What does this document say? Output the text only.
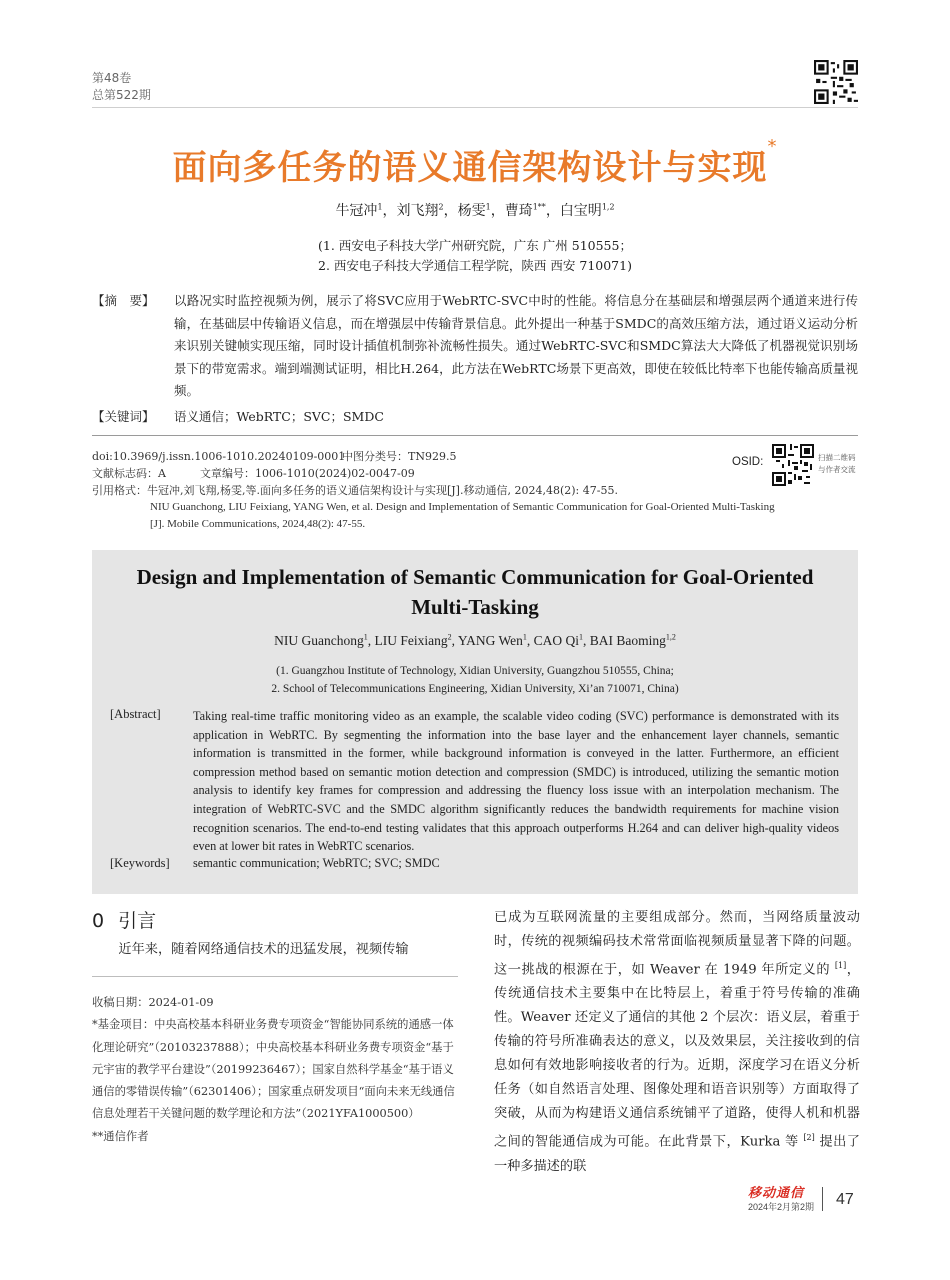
第48卷
总第522期
面向多任务的语义通信架构设计与实现*
牛冠冲$^1$，刘飞翔$^2$，杨雯$^1$，曹琦$^{1**}$，白宝明$^{1,2}$
(1. 西安电子科技大学广州研究院，广东 广州 510555；
2. 西安电子科技大学通信工程学院，陕西 西安 710071)
【摘　要】 以路况实时监控视频为例，展示了将SVC应用于WebRTC-SVC中时的性能。将信息分在基础层和增强层两个通道来进行传输，在基础层中传输语义信息，而在增强层中传输背景信息。此外提出一种基于SMDC的高效压缩方法，通过语义运动分析来识别关键帧实现压缩，同时设计插值机制弥补流畅性损失。通过WebRTC-SVC和SMDC算法大大降低了机器视觉识别场景下的带宽需求。端到端测试证明，相比H.264，此方法在WebRTC场景下更高效，即使在较低比特率下也能传输高质量视频。
【关键词】 语义通信；WebRTC；SVC；SMDC
doi:10.3969/j.issn.1006-1010.20240109-0001
中图分类号：TN929.5
文献标志码：A	文章编号：1006-1010(2024)02-0047-09
引用格式：牛冠冲,刘飞翔,杨雯,等.面向多任务的语义通信架构设计与实现[J].移动通信, 2024,48(2): 47-55.
NIU Guanchong, LIU Feixiang, YANG Wen, et al. Design and Implementation of Semantic Communication for Goal-Oriented Multi-Tasking
[J]. Mobile Communications, 2024,48(2): 47-55.
OSID:	扫描二维码
与作者交流
Design and Implementation of Semantic Communication for Goal-Oriented
Multi-Tasking
NIU Guanchong$^1$, LIU Feixiang$^2$, YANG Wen$^1$, CAO Qi$^1$, BAI Baoming$^{1,2}$
(1. Guangzhou Institute of Technology, Xidian University, Guangzhou 510555, China;
2. School of Telecommunications Engineering, Xidian University, Xi’an 710071, China)
[Abstract]	Taking real-time traffic monitoring video as an example, the scalable video coding (SVC) performance is demonstrated with its application in WebRTC. By segmenting the information into the base layer and the enhancement layer channels, semantic information is transmitted in the former, while background information is conveyed in the latter. Furthermore, an efficient compression method based on semantic motion detection and compression (SMDC) is introduced, utilizing the semantic motion analysis to identify key frames for compression and addressing the fluency loss issue with an interpolation mechanism. The integration of WebRTC-SVC and the SMDC algorithm significantly reduces the bandwidth requirements for machine vision recognition scenarios. The end-to-end testing validates that this approach outperforms H.264 and can deliver high-quality videos even at lower bit rates in WebRTC scenarios.
[Keywords] semantic communication; WebRTC; SVC; SMDC
0 引言
近年来，随着网络通信技术的迅猛发展，视频传输
收稿日期：2024-01-09
*基金项目：中央高校基本科研业务费专项资金“智能协同系统的通感一体化理论研究”（20103237888）；中央高校基本科研业务费专项资金“基于元宇宙的教学平台建设”（20199236467）；国家自然科学基金“基于语义通信的零错误传输”（62301406）；国家重点研发项目“面向未来无线通信信息处理若干关键问题的数学理论和方法”（2021YFA1000500）
**通信作者
已成为互联网流量的主要组成部分。然而，当网络质量波动时，传统的视频编码技术常常面临视频质量显著下降的问题。这一挑战的根源在于，如 Weaver 在 1949 年所定义的 [1]，传统通信技术主要集中在比特层上，着重于符号传输的准确性。Weaver 还定义了通信的其他 2 个层次：语义层，着重于传输的符号所准确表达的意义，以及效果层，关注接收到的信息如何有效地影响接收者的行为。近期，深度学习在语义分析任务（如自然语言处理、图像处理和语音识别等）方面取得了突破，从而为构建语义通信系统铺平了道路，使得人机和机器之间的智能通信成为可能。在此背景下，Kurka 等 [2] 提出了一种多描述的联
移动通信
2024年2月第2期 47
